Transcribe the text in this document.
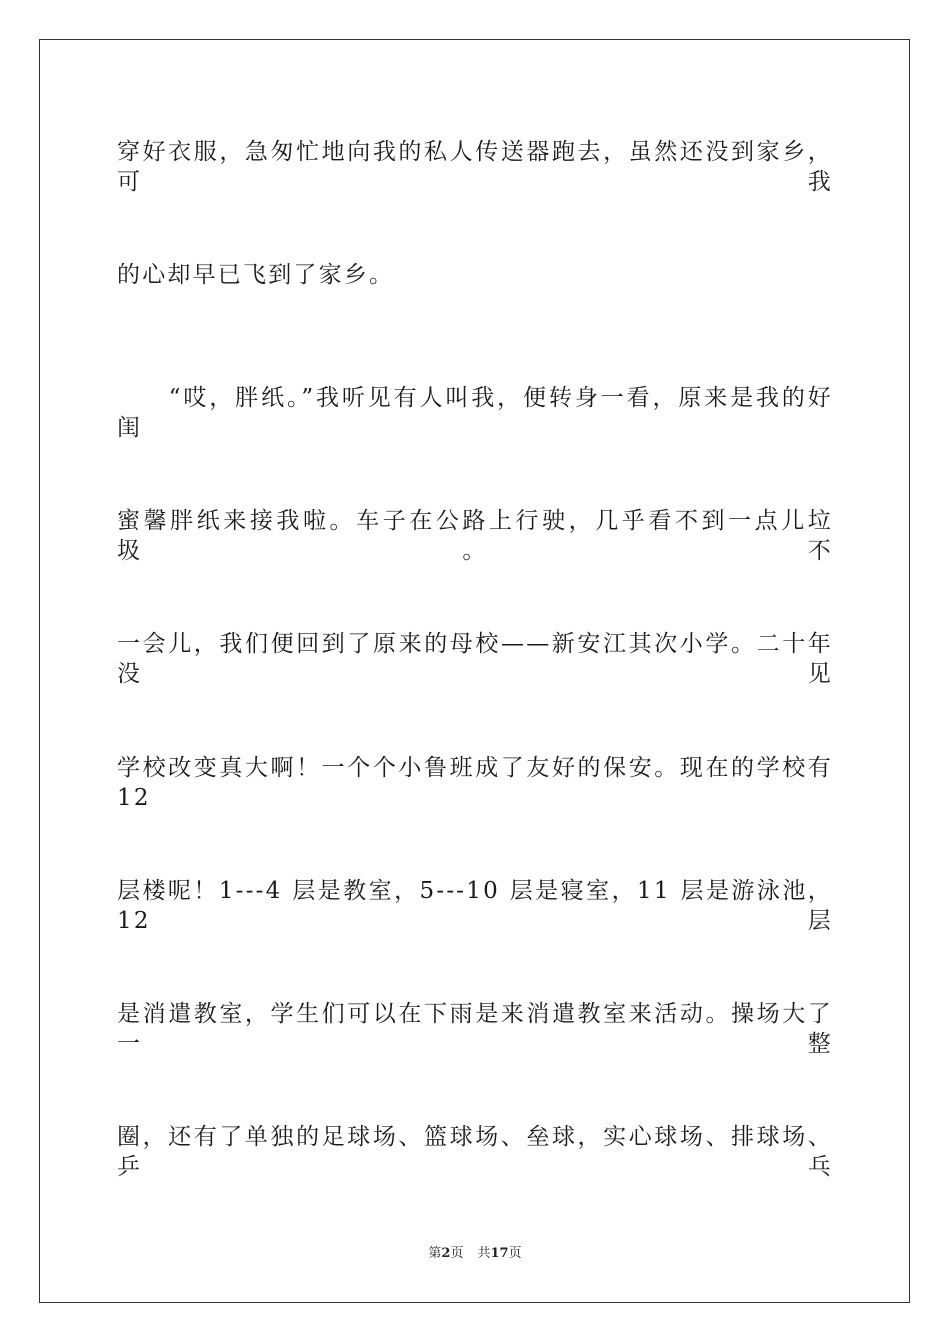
穿好衣服，急匆忙地向我的私人传送器跑去，虽然还没到家乡，可我
的心却早已飞到了家乡。
　　“哎，胖纸。”我听见有人叫我，便转身一看，原来是我的好闺
蜜馨胖纸来接我啦。车子在公路上行驶，几乎看不到一点儿垃圾。不
一会儿，我们便回到了原来的母校——新安江其次小学。二十年没见
学校改变真大啊！一个个小鲁班成了友好的保安。现在的学校有 12
层楼呢！1---4 层是教室，5---10 层是寝室，11 层是游泳池，12 层
是消遣教室，学生们可以在下雨是来消遣教室来活动。操场大了一整
圈，还有了单独的足球场、篮球场、垒球，实心球场、排球场、乒乓
第2页 共17页
